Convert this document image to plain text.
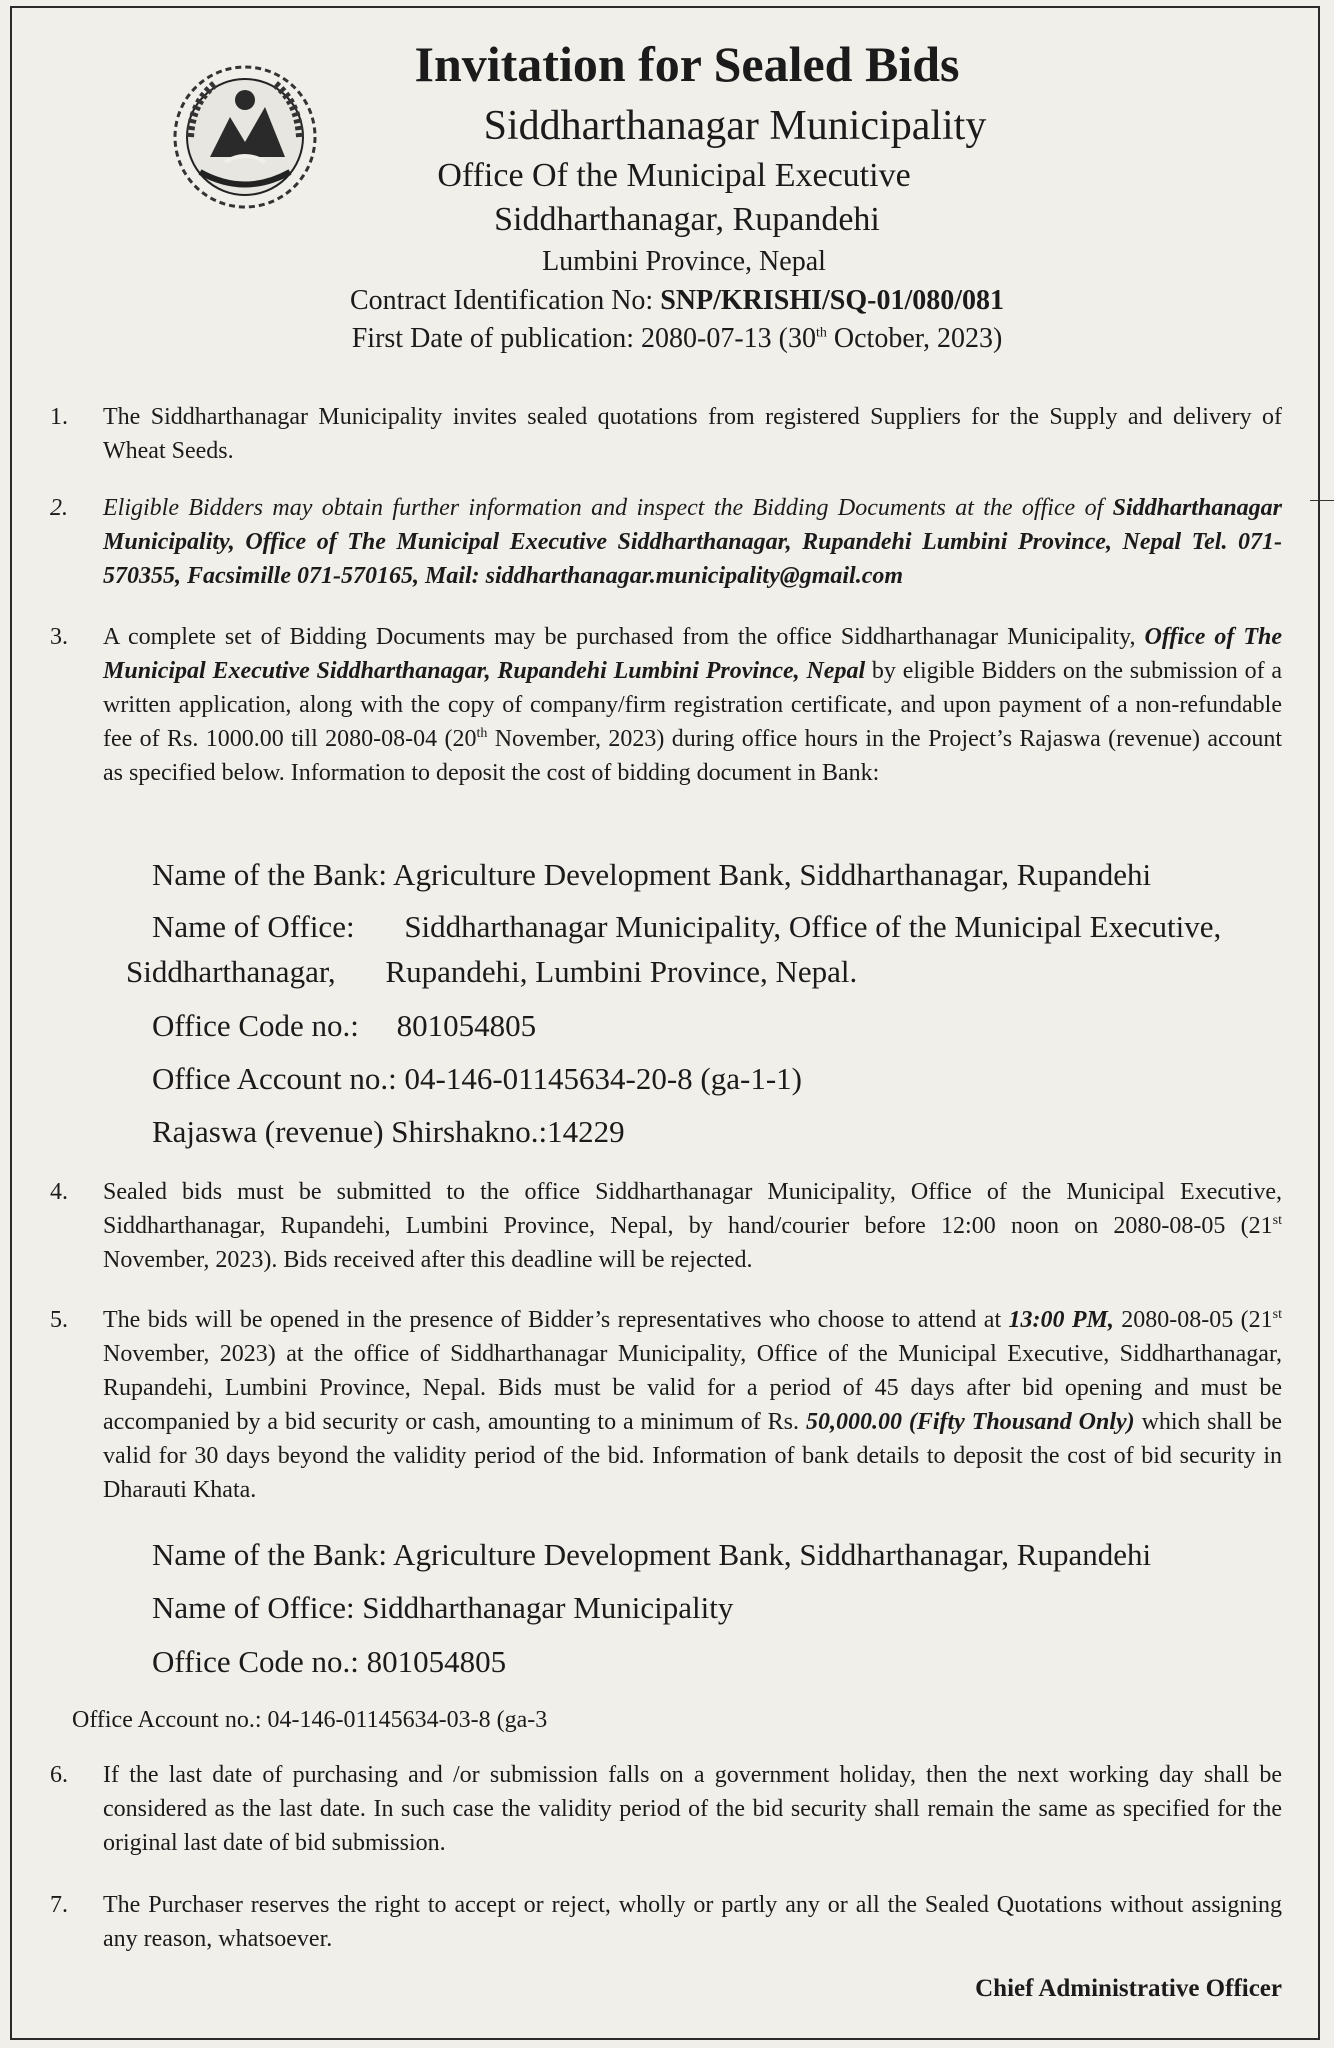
Invitation for Sealed Bids
Siddharthanagar Municipality
Office Of the Municipal Executive
Siddharthanagar, Rupandehi
Lumbini Province, Nepal
Contract Identification No: SNP/KRISHI/SQ-01/080/081
First Date of publication: 2080-07-13 (30th October, 2023)
1.	The Siddharthanagar Municipality invites sealed quotations from registered Suppliers for the Supply and delivery of Wheat Seeds.
2.	Eligible Bidders may obtain further information and inspect the Bidding Documents at the office of Siddharthanagar Municipality, Office of The Municipal Executive Siddharthanagar, Rupandehi Lumbini Province, Nepal Tel. 071-570355, Facsimille 071-570165, Mail: siddharthanagar.municipality@gmail.com
3.	A complete set of Bidding Documents may be purchased from the office Siddharthanagar Municipality, Office of The Municipal Executive Siddharthanagar, Rupandehi Lumbini Province, Nepal by eligible Bidders on the submission of a written application, along with the copy of company/firm registration certificate, and upon payment of a non-refundable fee of Rs. 1000.00 till 2080-08-04 (20th November, 2023) during office hours in the Project’s Rajaswa (revenue) account as specified below. Information to deposit the cost of bidding document in Bank:
Name of the Bank: Agriculture Development Bank, Siddharthanagar, Rupandehi
Name of Office: Siddharthanagar Municipality, Office of the Municipal Executive,
Siddharthanagar, Rupandehi, Lumbini Province, Nepal.
Office Code no.: 801054805
Office Account no.: 04-146-01145634-20-8 (ga-1-1)
Rajaswa (revenue) Shirshakno.:14229
4.	Sealed bids must be submitted to the office Siddharthanagar Municipality, Office of the Municipal Executive, Siddharthanagar, Rupandehi, Lumbini Province, Nepal, by hand/courier before 12:00 noon on 2080-08-05 (21st November, 2023). Bids received after this deadline will be rejected.
5.	The bids will be opened in the presence of Bidder’s representatives who choose to attend at 13:00 PM, 2080-08-05 (21st November, 2023) at the office of Siddharthanagar Municipality, Office of the Municipal Executive, Siddharthanagar, Rupandehi, Lumbini Province, Nepal. Bids must be valid for a period of 45 days after bid opening and must be accompanied by a bid security or cash, amounting to a minimum of Rs. 50,000.00 (Fifty Thousand Only) which shall be valid for 30 days beyond the validity period of the bid. Information of bank details to deposit the cost of bid security in Dharauti Khata.
Name of the Bank: Agriculture Development Bank, Siddharthanagar, Rupandehi
Name of Office: Siddharthanagar Municipality
Office Code no.: 801054805
Office Account no.: 04-146-01145634-03-8 (ga-3
6.	If the last date of purchasing and /or submission falls on a government holiday, then the next working day shall be considered as the last date. In such case the validity period of the bid security shall remain the same as specified for the original last date of bid submission.
7.	The Purchaser reserves the right to accept or reject, wholly or partly any or all the Sealed Quotations without assigning any reason, whatsoever.
Chief Administrative Officer
